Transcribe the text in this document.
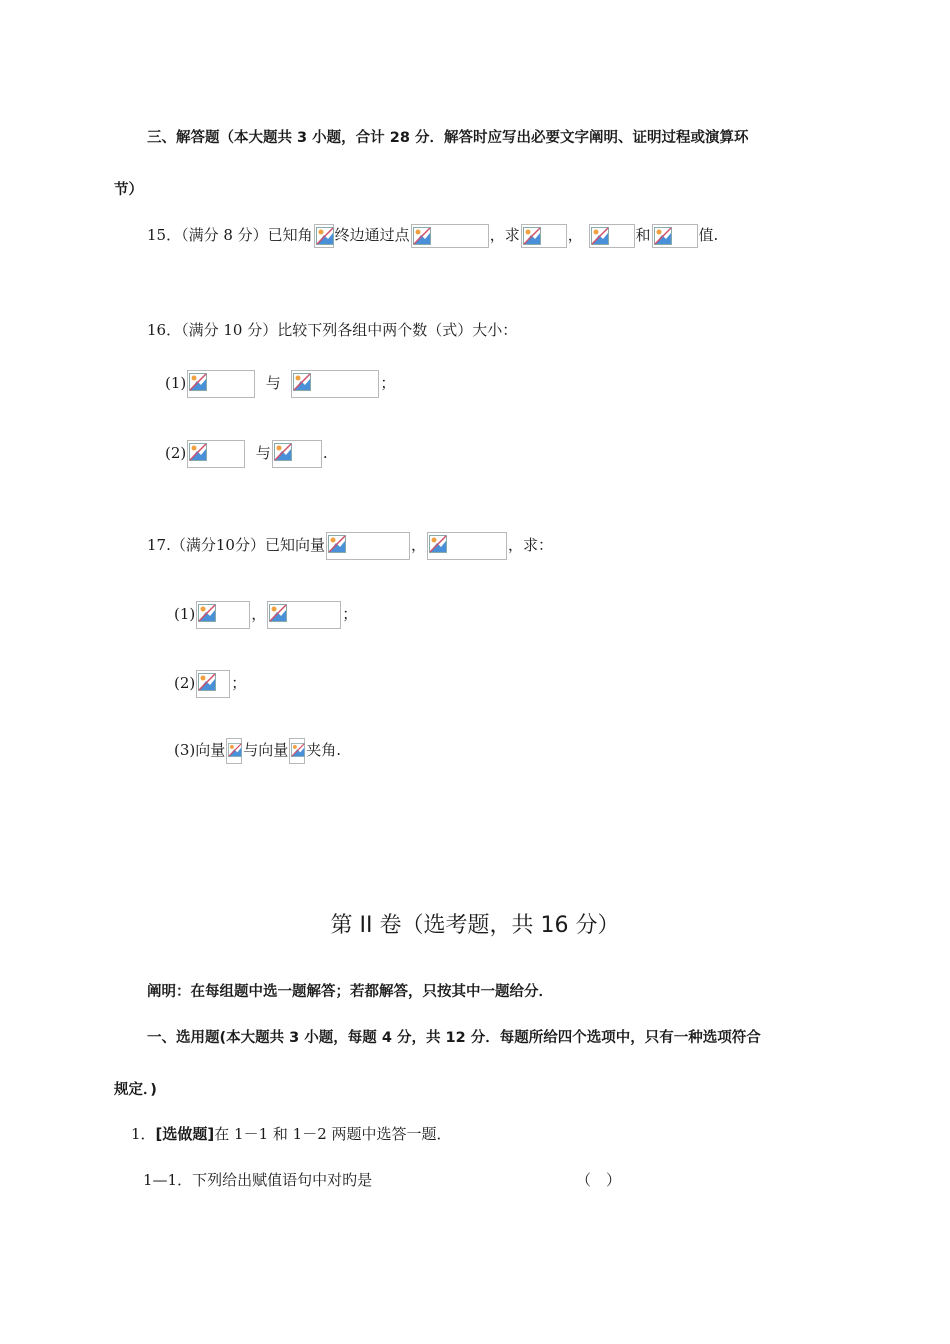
三、解答题（本大题共 3 小题，合计 28 分．解答时应写出必要文字阐明、证明过程或演算环
节）
15．（满分 8 分）已知角 终边通过点	，求	，	和	值.
16．（满分 10 分）比较下列各组中两个数（式）大小：
(1)	与	；
(2)	与	.
17.（满分10分）已知向量	，	，求：
(1)	，	；
(2) ；
(3)向量 与向量 夹角.
第 II 卷（选考题，共 16 分）
阐明：在每组题中选一题解答；若都解答，只按其中一题给分．
一、选用题(本大题共 3 小题，每题 4 分，共 12 分．每题所给四个选项中，只有一种选项符合
规定．)
1．[选做题]在 1－1 和 1－2 两题中选答一题．
1—1．下列给出赋值语句中对旳是	（　）
